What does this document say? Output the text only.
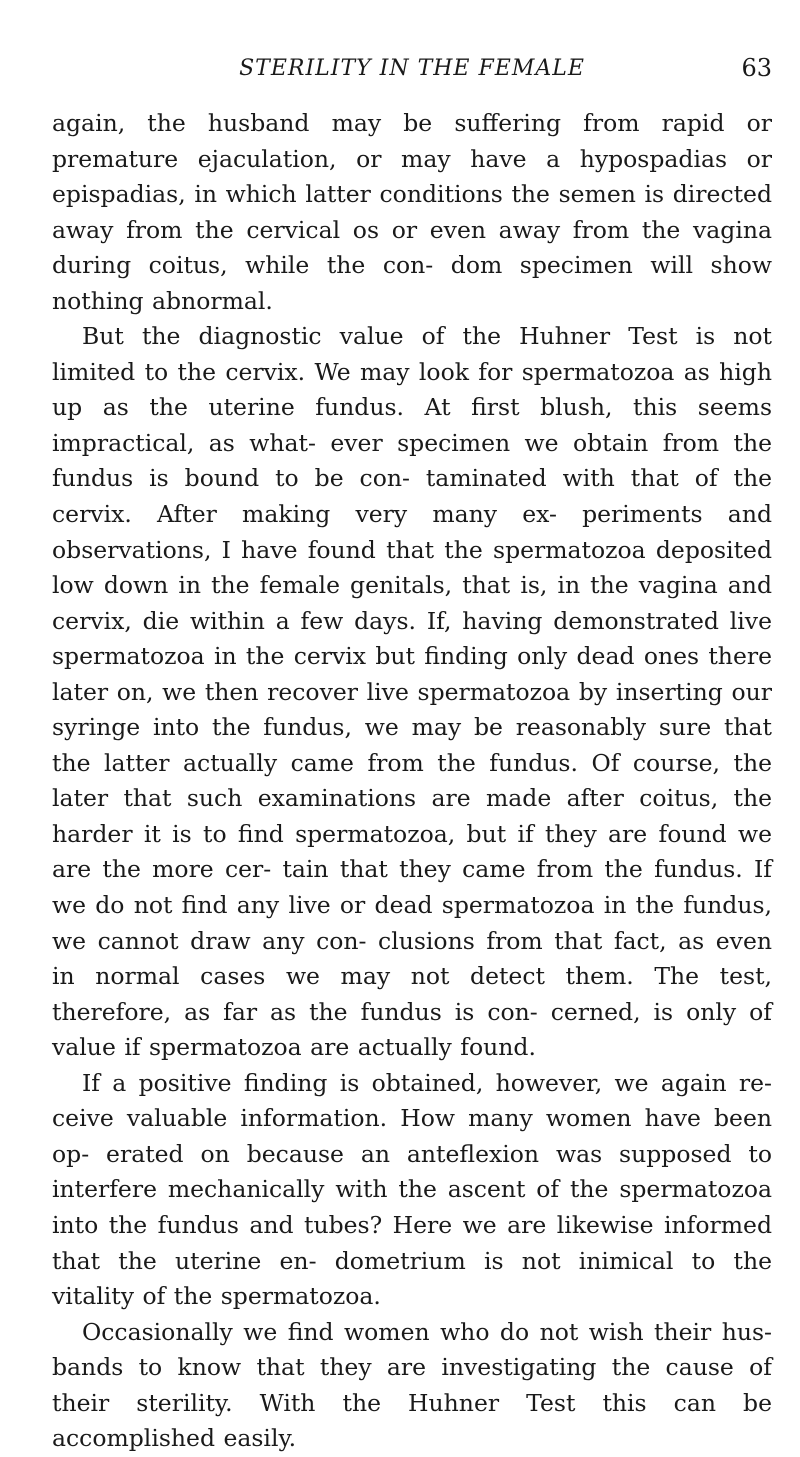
STERILITY IN THE FEMALE	63

again, the husband may be suffering from rapid or premature ejaculation, or may have a hypospadias or epispadias, in which latter conditions the semen is directed away from the cervical os or even away from the vagina during coitus, while the con- dom specimen will show nothing abnormal.

But the diagnostic value of the Huhner Test is not limited to the cervix. We may look for spermatozoa as high up as the uterine fundus. At first blush, this seems impractical, as what- ever specimen we obtain from the fundus is bound to be con- taminated with that of the cervix. After making very many ex- periments and observations, I have found that the spermatozoa deposited low down in the female genitals, that is, in the vagina and cervix, die within a few days. If, having demonstrated live spermatozoa in the cervix but finding only dead ones there later on, we then recover live spermatozoa by inserting our syringe into the fundus, we may be reasonably sure that the latter actually came from the fundus. Of course, the later that such examinations are made after coitus, the harder it is to find spermatozoa, but if they are found we are the more cer- tain that they came from the fundus. If we do not find any live or dead spermatozoa in the fundus, we cannot draw any con- clusions from that fact, as even in normal cases we may not detect them. The test, therefore, as far as the fundus is con- cerned, is only of value if spermatozoa are actually found.

If a positive finding is obtained, however, we again re- ceive valuable information. How many women have been op- erated on because an anteflexion was supposed to interfere mechanically with the ascent of the spermatozoa into the fundus and tubes? Here we are likewise informed that the uterine en- dometrium is not inimical to the vitality of the spermatozoa.

Occasionally we find women who do not wish their hus- bands to know that they are investigating the cause of their sterility. With the Huhner Test this can be accomplished easily.
